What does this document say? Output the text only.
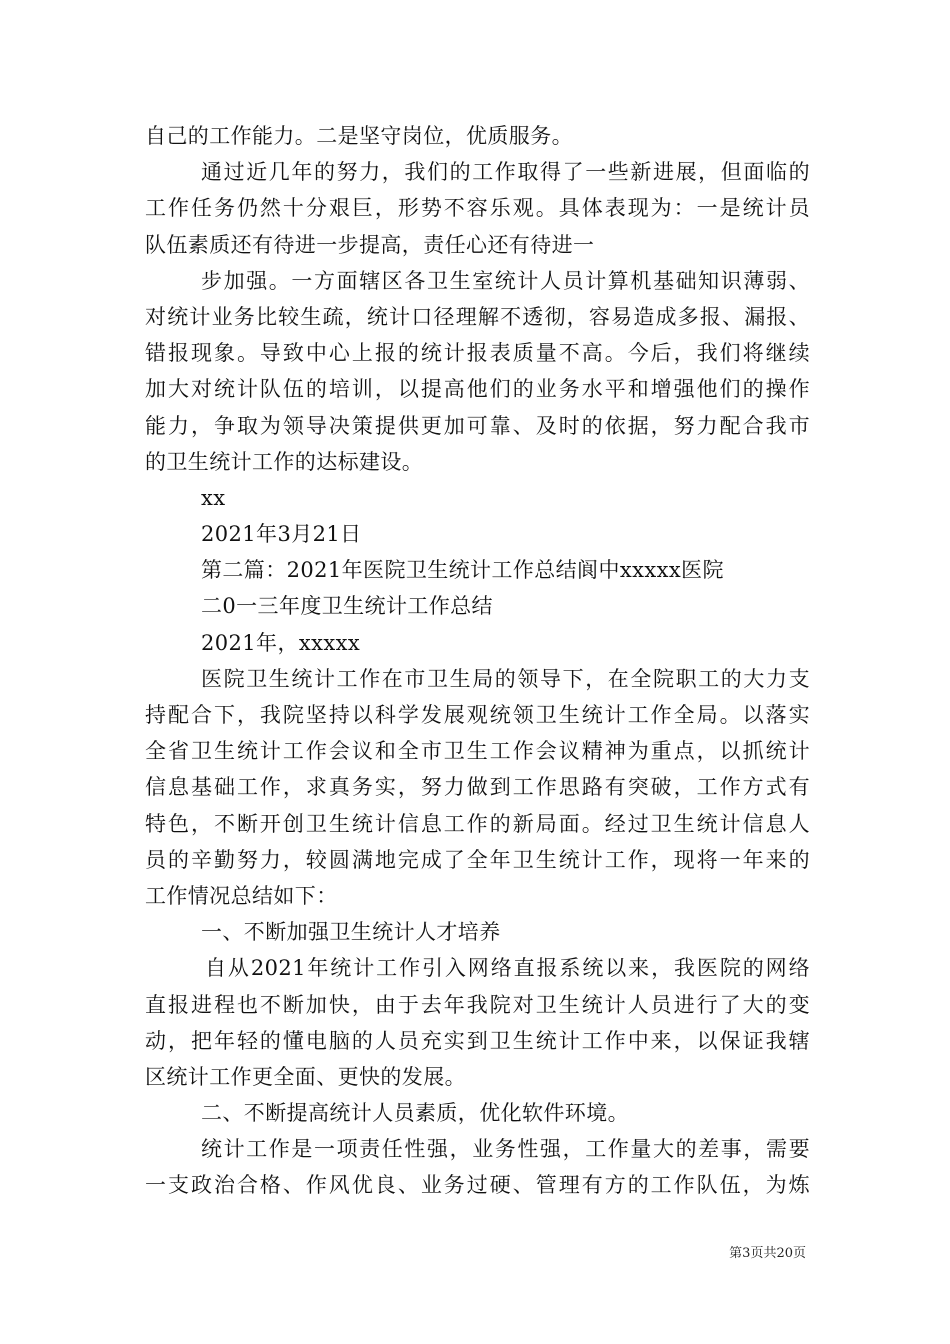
自己的工作能力。二是坚守岗位，优质服务。
通过近几年的努力，我们的工作取得了一些新进展，但面临的
工作任务仍然十分艰巨，形势不容乐观。具体表现为：一是统计员
队伍素质还有待进一步提高，责任心还有待进一
步加强。一方面辖区各卫生室统计人员计算机基础知识薄弱、
对统计业务比较生疏，统计口径理解不透彻，容易造成多报、漏报、
错报现象。导致中心上报的统计报表质量不高。今后，我们将继续
加大对统计队伍的培训，以提高他们的业务水平和增强他们的操作
能力，争取为领导决策提供更加可靠、及时的依据，努力配合我市
的卫生统计工作的达标建设。
xx
2021年3月21日
第二篇：2021年医院卫生统计工作总结阆中xxxxx医院
二0一三年度卫生统计工作总结
2021年，xxxxx
医院卫生统计工作在市卫生局的领导下，在全院职工的大力支
持配合下，我院坚持以科学发展观统领卫生统计工作全局。以落实
全省卫生统计工作会议和全市卫生工作会议精神为重点，以抓统计
信息基础工作，求真务实，努力做到工作思路有突破，工作方式有
特色，不断开创卫生统计信息工作的新局面。经过卫生统计信息人
员的辛勤努力，较圆满地完成了全年卫生统计工作，现将一年来的
工作情况总结如下：
一、不断加强卫生统计人才培养
自从2021年统计工作引入网络直报系统以来，我医院的网络
直报进程也不断加快，由于去年我院对卫生统计人员进行了大的变
动，把年轻的懂电脑的人员充实到卫生统计工作中来，以保证我辖
区统计工作更全面、更快的发展。
二、不断提高统计人员素质，优化软件环境。
统计工作是一项责任性强，业务性强，工作量大的差事，需要
一支政治合格、作风优良、业务过硬、管理有方的工作队伍，为炼
第3页共20页
